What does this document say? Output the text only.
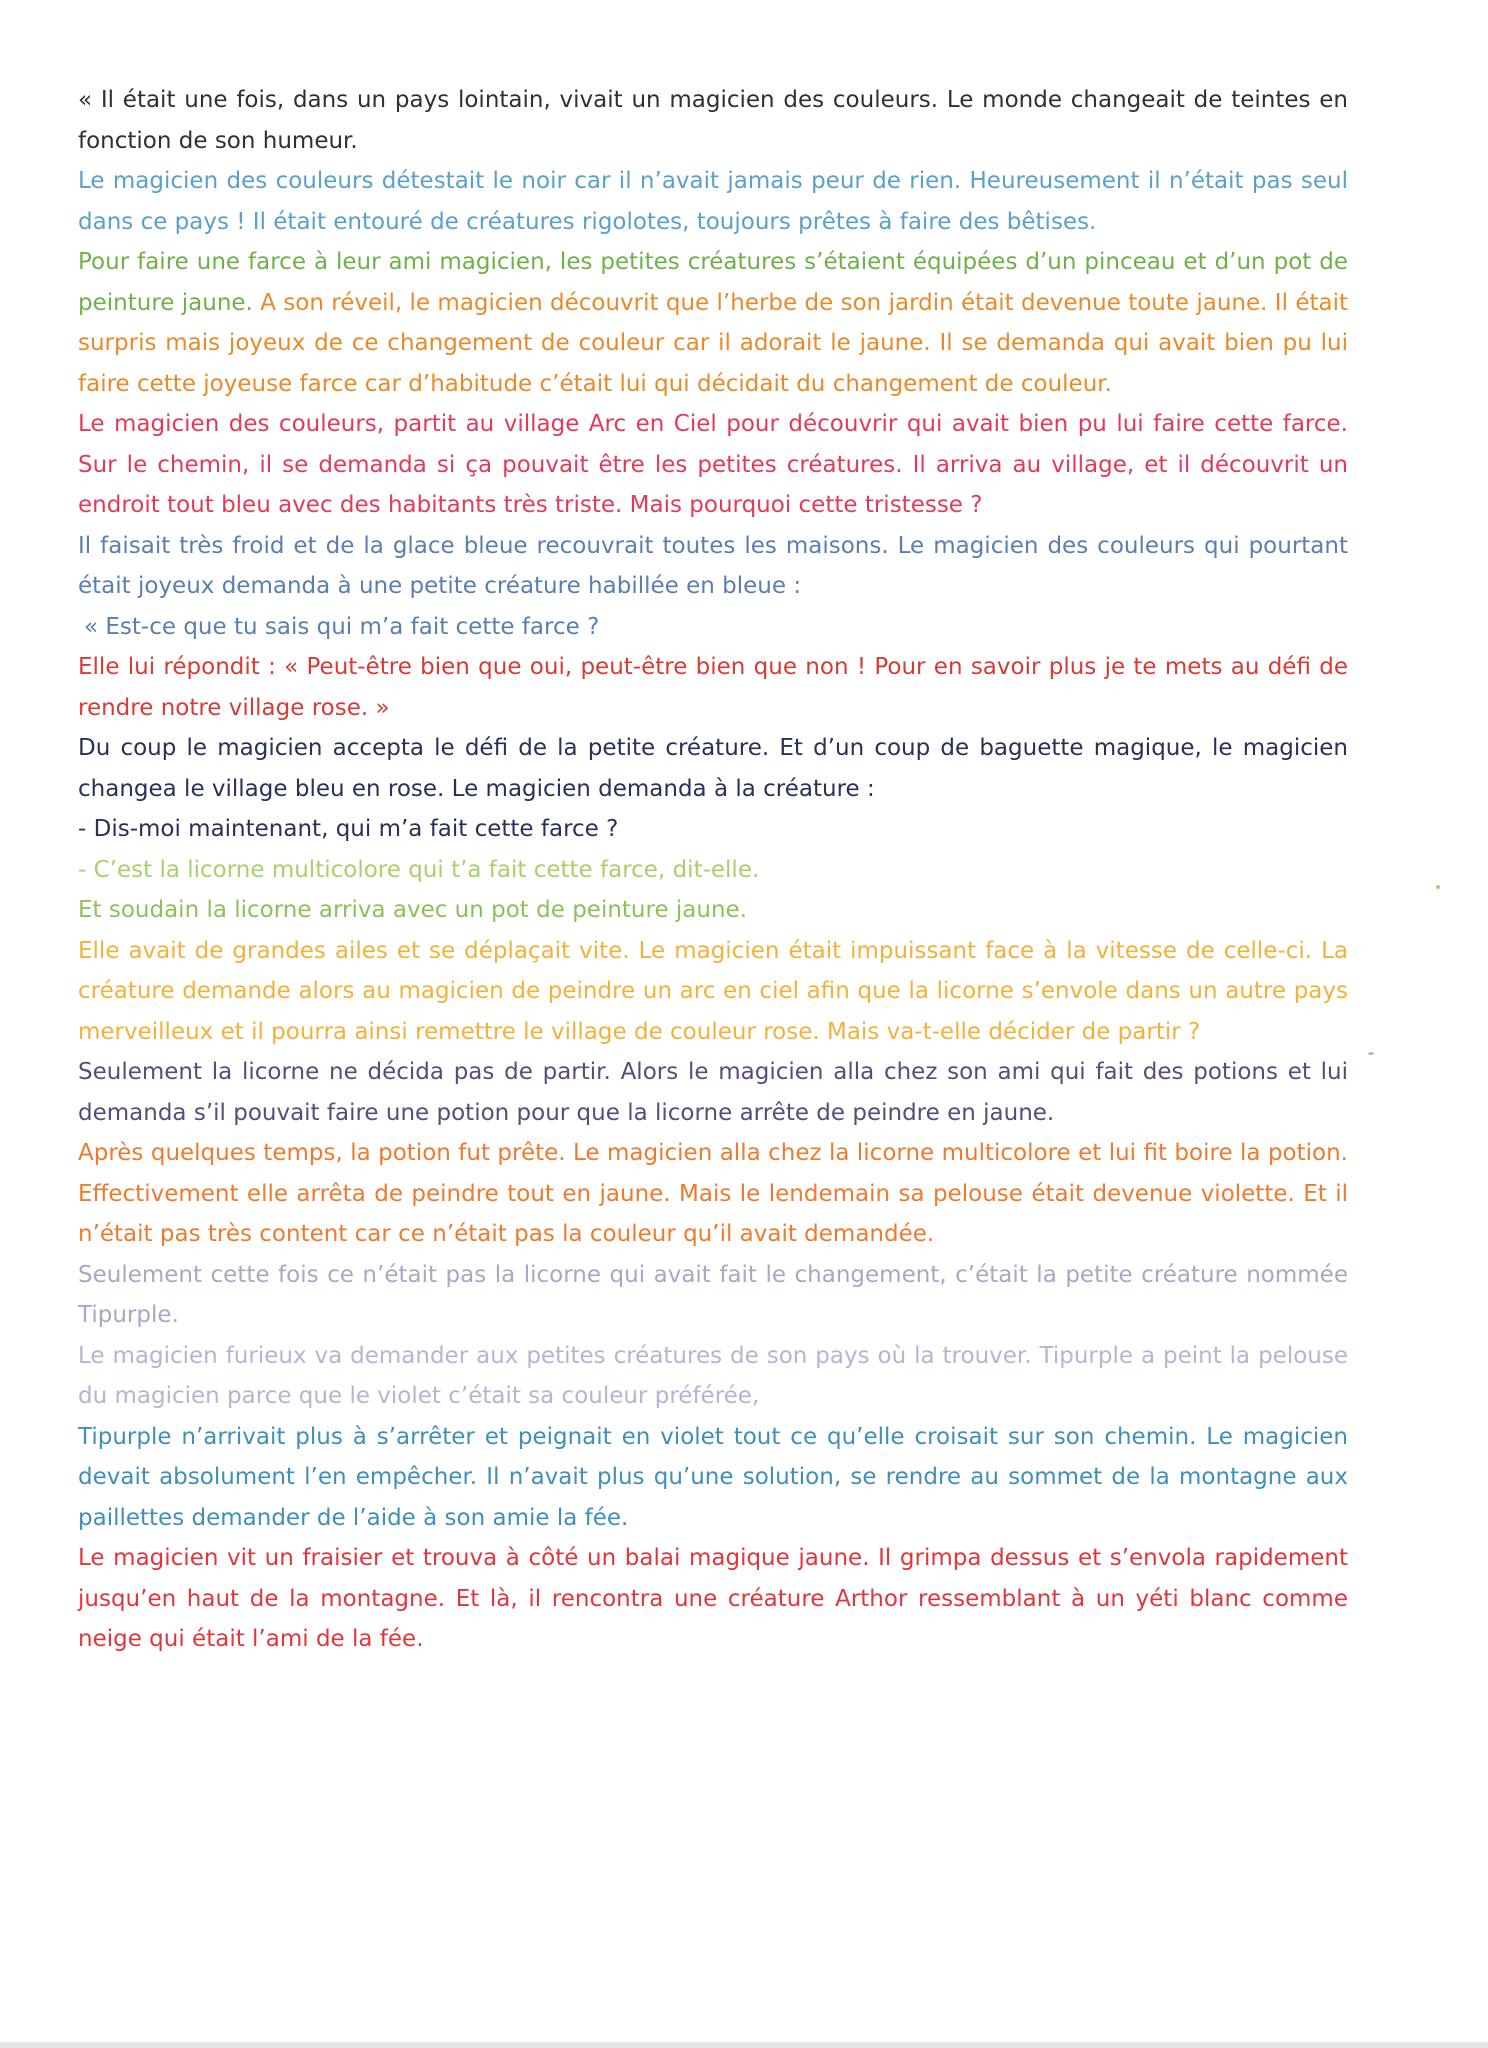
« Il était une fois, dans un pays lointain, vivait un magicien des couleurs. Le monde changeait de teintes en fonction de son humeur.
Le magicien des couleurs détestait le noir car il n’avait jamais peur de rien. Heureusement il n’était pas seul dans ce pays ! Il était entouré de créatures rigolotes, toujours prêtes à faire des bêtises.
Pour faire une farce à leur ami magicien, les petites créatures s’étaient équipées d’un pinceau et d’un pot de peinture jaune. A son réveil, le magicien découvrit que l’herbe de son jardin était devenue toute jaune. Il était surpris mais joyeux de ce changement de couleur car il adorait le jaune. Il se demanda qui avait bien pu lui faire cette joyeuse farce car d’habitude c’était lui qui décidait du changement de couleur.
Le magicien des couleurs, partit au village Arc en Ciel pour découvrir qui avait bien pu lui faire cette farce. Sur le chemin, il se demanda si ça pouvait être les petites créatures. Il arriva au village, et il découvrit un endroit tout bleu avec des habitants très triste. Mais pourquoi cette tristesse ?
Il faisait très froid et de la glace bleue recouvrait toutes les maisons. Le magicien des couleurs qui pourtant était joyeux demanda à une petite créature habillée en bleue :
« Est-ce que tu sais qui m’a fait cette farce ?
Elle lui répondit : « Peut-être bien que oui, peut-être bien que non ! Pour en savoir plus je te mets au défi de rendre notre village rose. »
Du coup le magicien accepta le défi de la petite créature. Et d’un coup de baguette magique, le magicien changea le village bleu en rose. Le magicien demanda à la créature :
- Dis-moi maintenant, qui m’a fait cette farce ?
- C’est la licorne multicolore qui t’a fait cette farce, dit-elle.
Et soudain la licorne arriva avec un pot de peinture jaune.
Elle avait de grandes ailes et se déplaçait vite. Le magicien était impuissant face à la vitesse de celle-ci. La créature demande alors au magicien de peindre un arc en ciel afin que la licorne s’envole dans un autre pays merveilleux et il pourra ainsi remettre le village de couleur rose. Mais va-t-elle décider de partir ?
Seulement la licorne ne décida pas de partir. Alors le magicien alla chez son ami qui fait des potions et lui demanda s’il pouvait faire une potion pour que la licorne arrête de peindre en jaune.
Après quelques temps, la potion fut prête. Le magicien alla chez la licorne multicolore et lui fit boire la potion. Effectivement elle arrêta de peindre tout en jaune. Mais le lendemain sa pelouse était devenue violette. Et il n’était pas très content car ce n’était pas la couleur qu’il avait demandée.
Seulement cette fois ce n’était pas la licorne qui avait fait le changement, c’était la petite créature nommée Tipurple.
Le magicien furieux va demander aux petites créatures de son pays où la trouver. Tipurple a peint la pelouse du magicien parce que le violet c’était sa couleur préférée,
Tipurple n’arrivait plus à s’arrêter et peignait en violet tout ce qu’elle croisait sur son chemin. Le magicien devait absolument l’en empêcher. Il n’avait plus qu’une solution, se rendre au sommet de la montagne aux paillettes demander de l’aide à son amie la fée.
Le magicien vit un fraisier et trouva à côté un balai magique jaune. Il grimpa dessus et s’envola rapidement jusqu’en haut de la montagne. Et là, il rencontra une créature Arthor ressemblant à un yéti blanc comme neige qui était l’ami de la fée.
